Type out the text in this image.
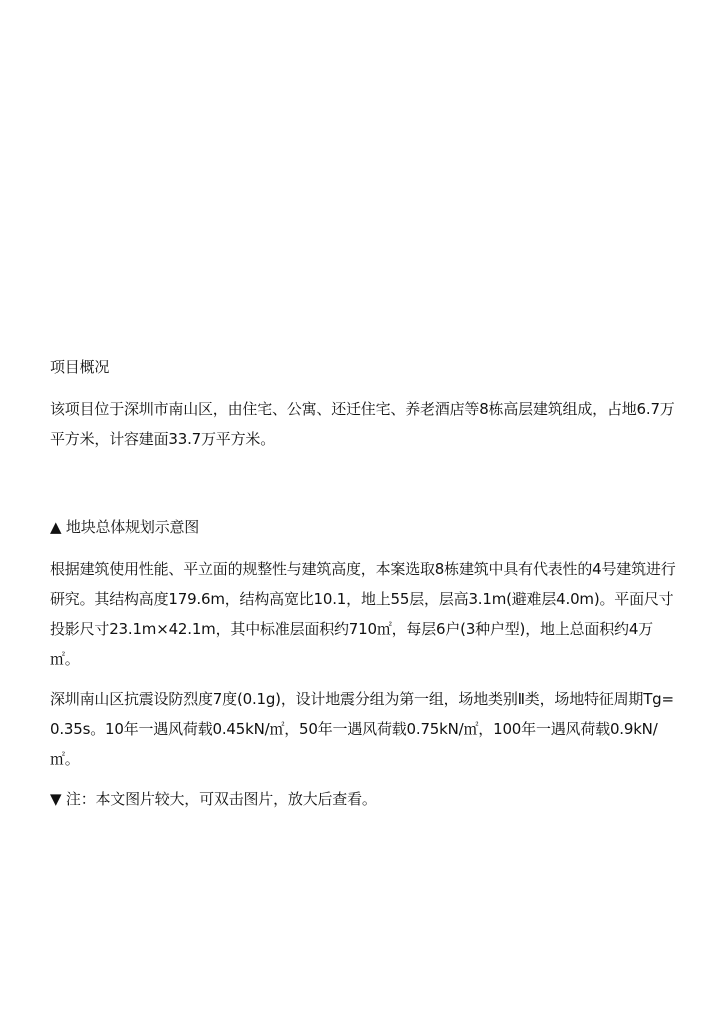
项目概况

该项目位于深圳市南山区，由住宅、公寓、还迁住宅、养老酒店等8栋高层建筑组成，占地6.7万平方米，计容建面33.7万平方米。

▲ 地块总体规划示意图

根据建筑使用性能、平立面的规整性与建筑高度，本案选取8栋建筑中具有代表性的4号建筑进行研究。其结构高度179.6m，结构高宽比10.1，地上55层，层高3.1m(避难层4.0m)。平面尺寸投影尺寸23.1m×42.1m，其中标准层面积约710㎡，每层6户(3种户型)，地上总面积约4万㎡。

深圳南山区抗震设防烈度7度(0.1g)，设计地震分组为第一组，场地类别Ⅱ类，场地特征周期Tg=0.35s。10年一遇风荷载0.45kN/㎡，50年一遇风荷载0.75kN/㎡，100年一遇风荷载0.9kN/㎡。

▼ 注：本文图片较大，可双击图片，放大后查看。
